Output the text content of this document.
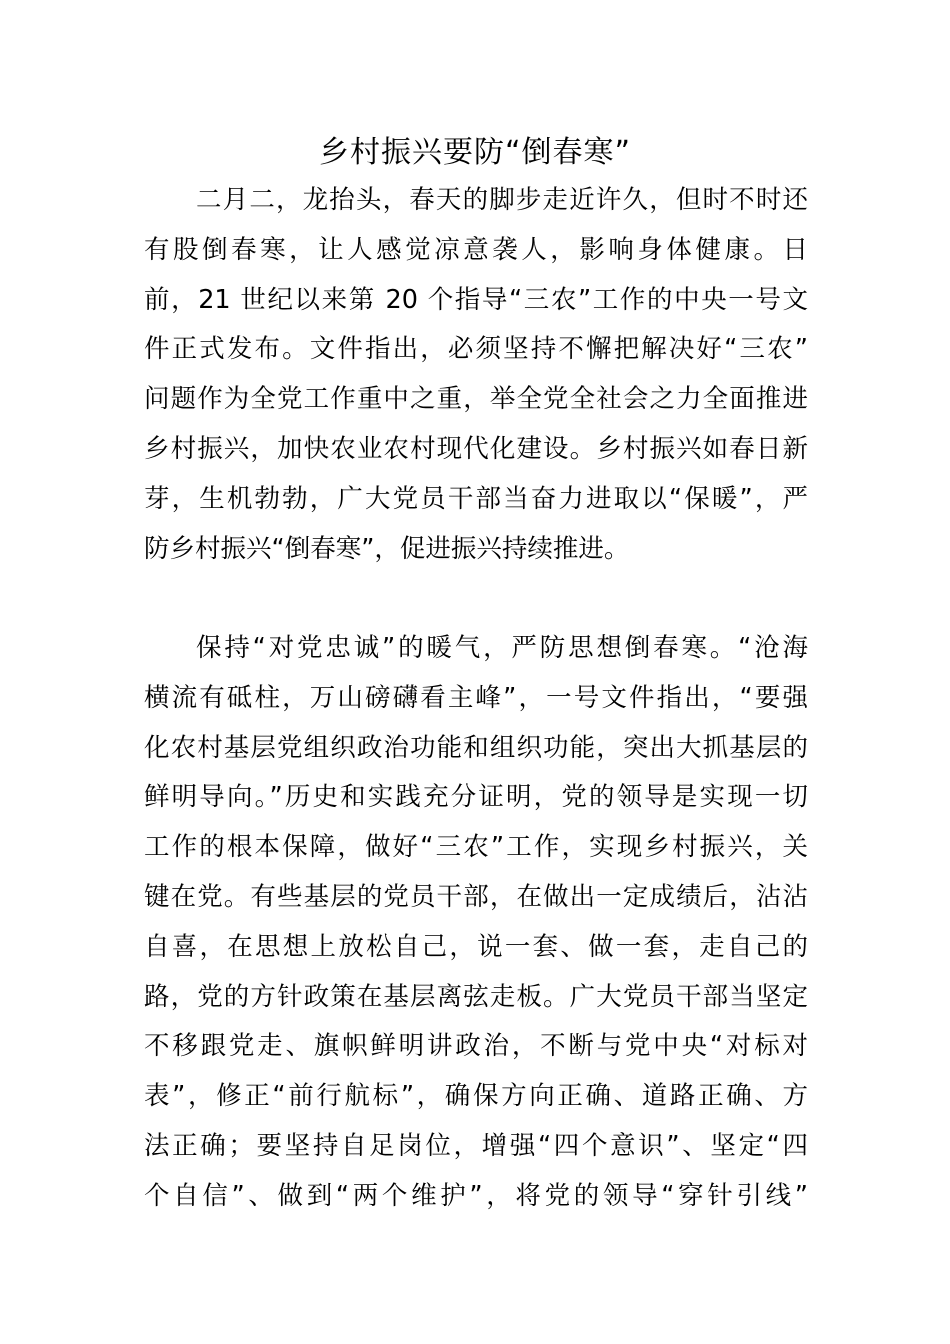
乡村振兴要防“倒春寒”
二月二，龙抬头，春天的脚步走近许久，但时不时还
有股倒春寒，让人感觉凉意袭人，影响身体健康。日
前，21 世纪以来第 20 个指导“三农”工作的中央一号文
件正式发布。文件指出，必须坚持不懈把解决好“三农”
问题作为全党工作重中之重，举全党全社会之力全面推进
乡村振兴，加快农业农村现代化建设。乡村振兴如春日新
芽，生机勃勃，广大党员干部当奋力进取以“保暖”，严
防乡村振兴“倒春寒”，促进振兴持续推进。
保持“对党忠诚”的暖气，严防思想倒春寒。“沧海
横流有砥柱，万山磅礴看主峰”，一号文件指出，“要强
化农村基层党组织政治功能和组织功能，突出大抓基层的
鲜明导向。”历史和实践充分证明，党的领导是实现一切
工作的根本保障，做好“三农”工作，实现乡村振兴，关
键在党。有些基层的党员干部，在做出一定成绩后，沾沾
自喜，在思想上放松自己，说一套、做一套，走自己的
路，党的方针政策在基层离弦走板。广大党员干部当坚定
不移跟党走、旗帜鲜明讲政治，不断与党中央“对标对
表”，修正“前行航标”，确保方向正确、道路正确、方
法正确；要坚持自足岗位，增强“四个意识”、坚定“四
个自信”、做到“两个维护”，将党的领导“穿针引线”
